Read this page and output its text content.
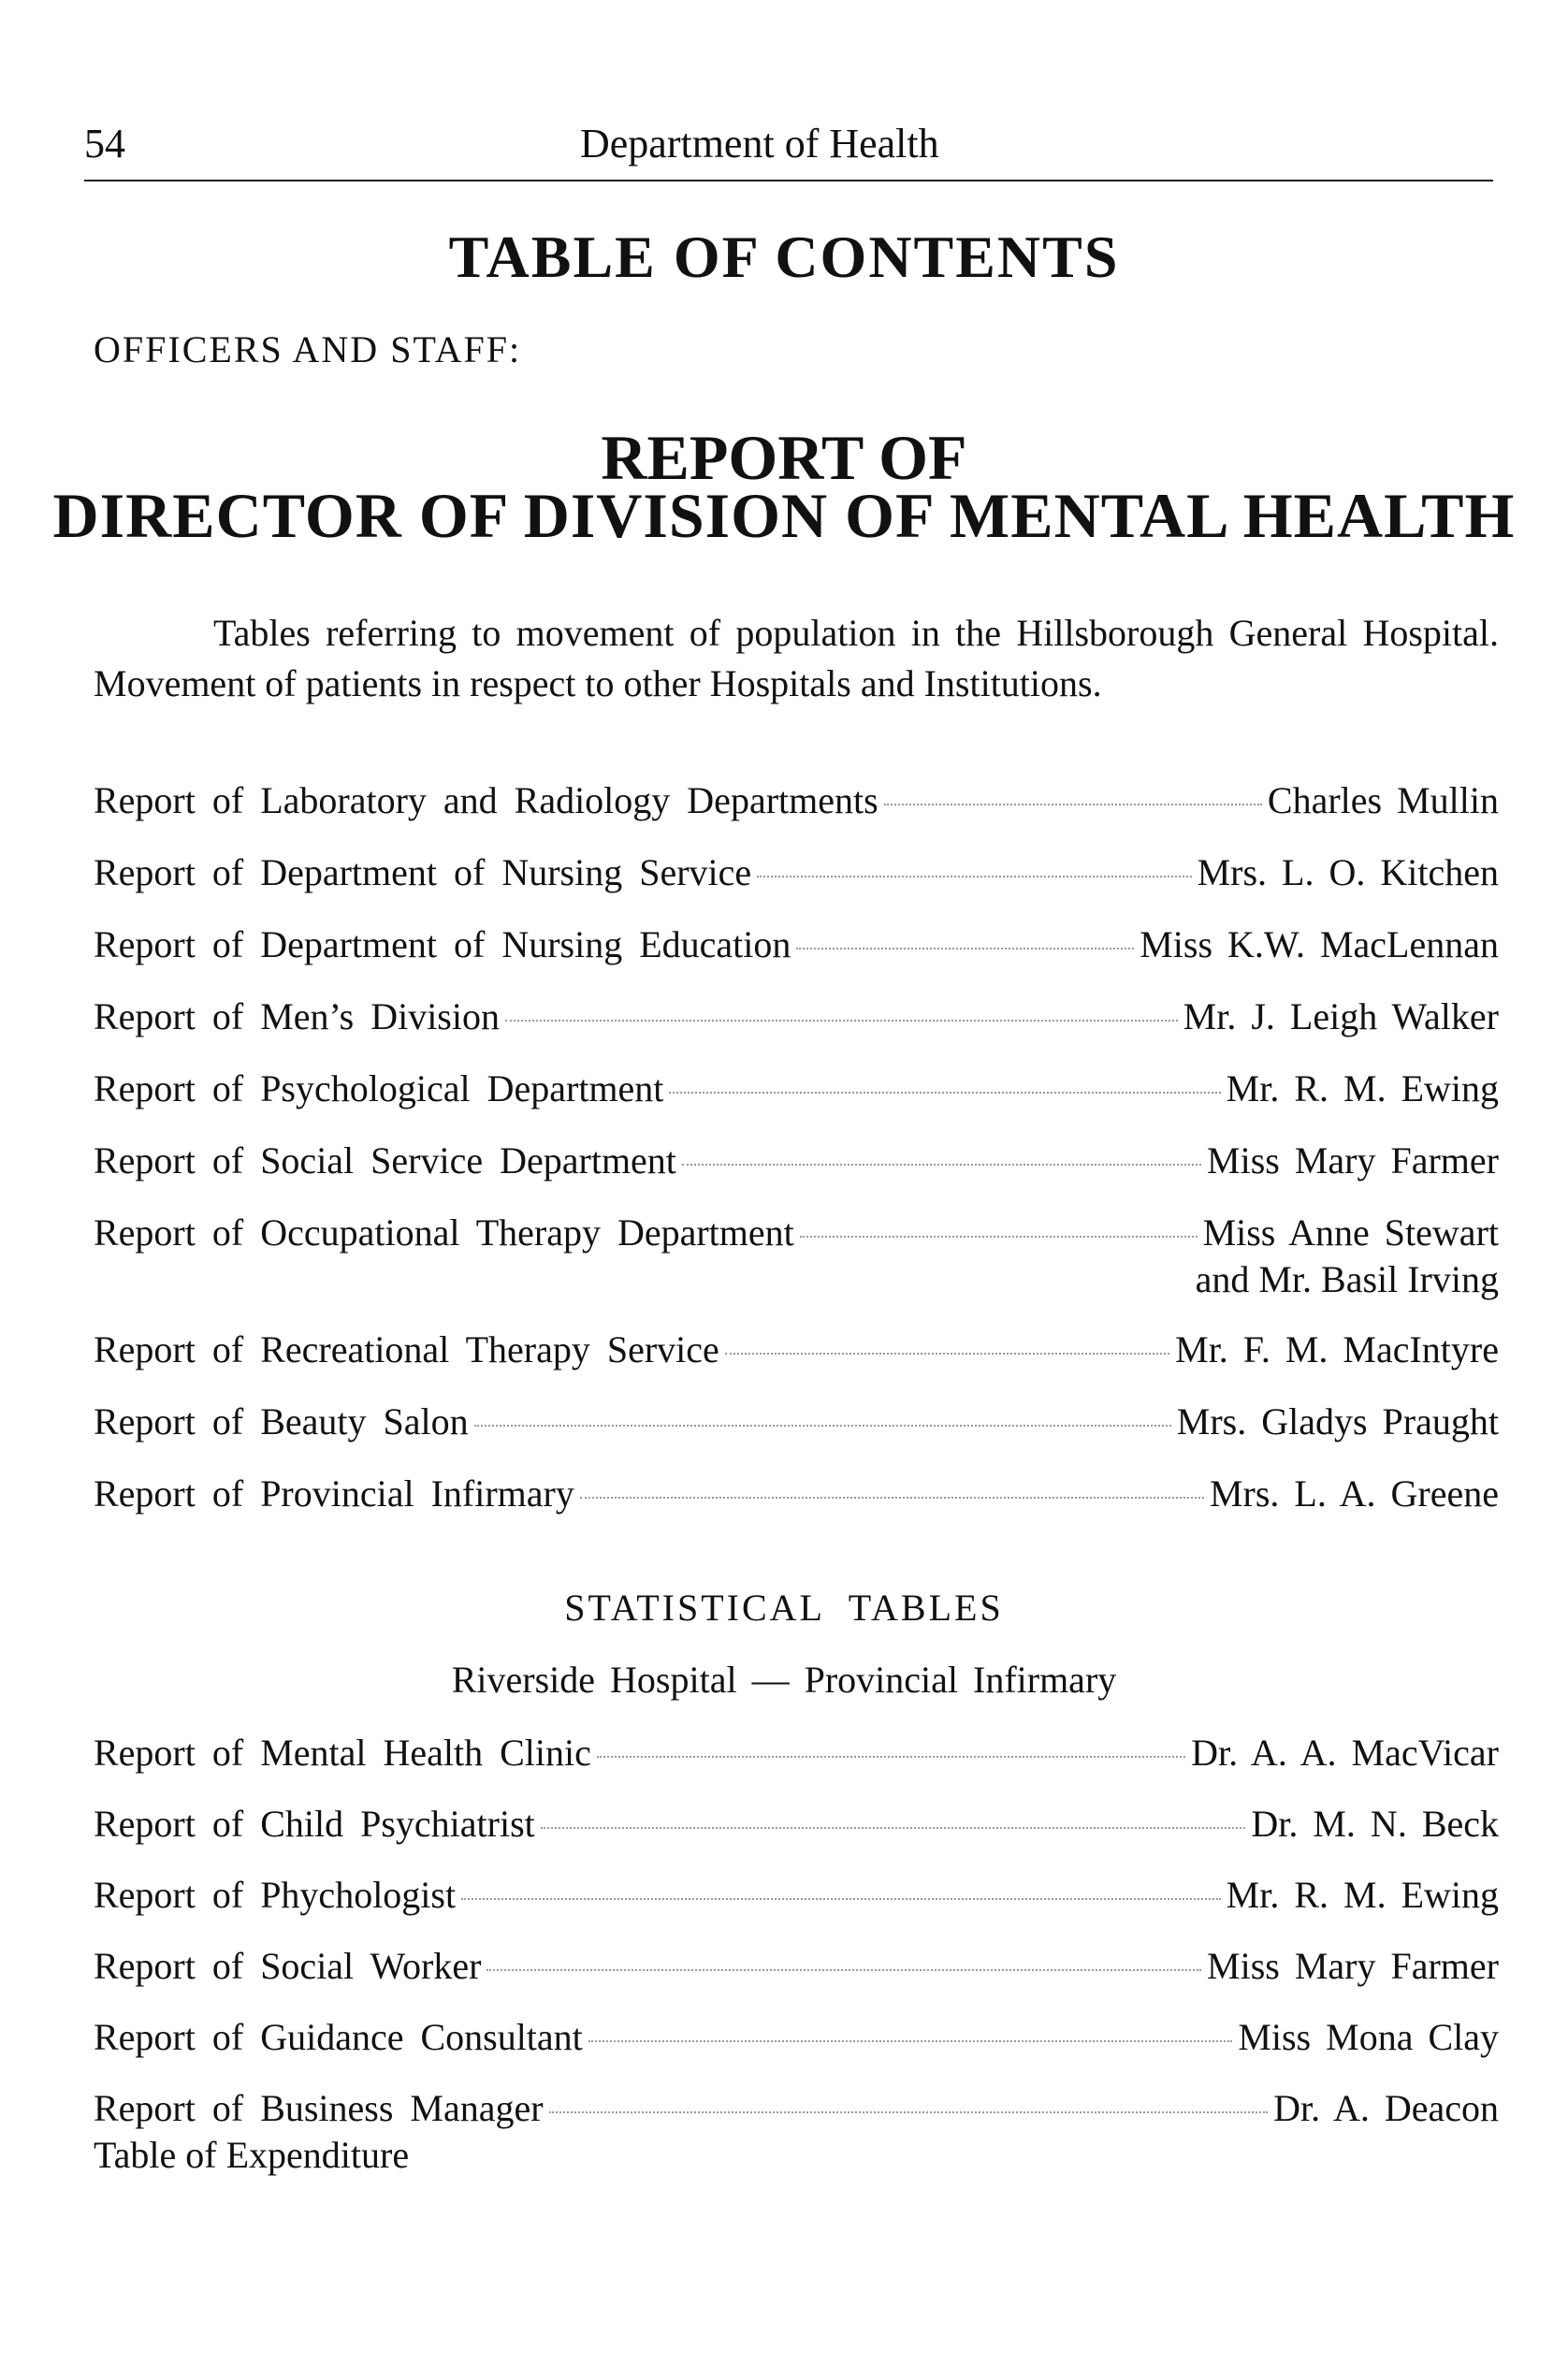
54	Department of Health
TABLE OF CONTENTS
OFFICERS AND STAFF:
REPORT OF
DIRECTOR OF DIVISION OF MENTAL HEALTH
Tables referring to movement of population in the Hillsborough General Hospital. Movement of patients in respect to other Hospitals and Institutions.
Report of Laboratory and Radiology Departments	Charles Mullin
Report of Department of Nursing Service	Mrs. L. O. Kitchen
Report of Department of Nursing Education	Miss K.W. MacLennan
Report of Men’s Division	Mr. J. Leigh Walker
Report of Psychological Department	Mr. R. M. Ewing
Report of Social Service Department	Miss Mary Farmer
Report of Occupational Therapy Department	Miss Anne Stewart
and Mr. Basil Irving
Report of Recreational Therapy Service	Mr. F. M. MacIntyre
Report of Beauty Salon	Mrs. Gladys Praught
Report of Provincial Infirmary	Mrs. L. A. Greene
STATISTICAL TABLES
Riverside Hospital — Provincial Infirmary
Report of Mental Health Clinic	Dr. A. A. MacVicar
Report of Child Psychiatrist	Dr. M. N. Beck
Report of Phychologist	Mr. R. M. Ewing
Report of Social Worker	Miss Mary Farmer
Report of Guidance Consultant	Miss Mona Clay
Report of Business Manager	Dr. A. Deacon
Table of Expenditure
